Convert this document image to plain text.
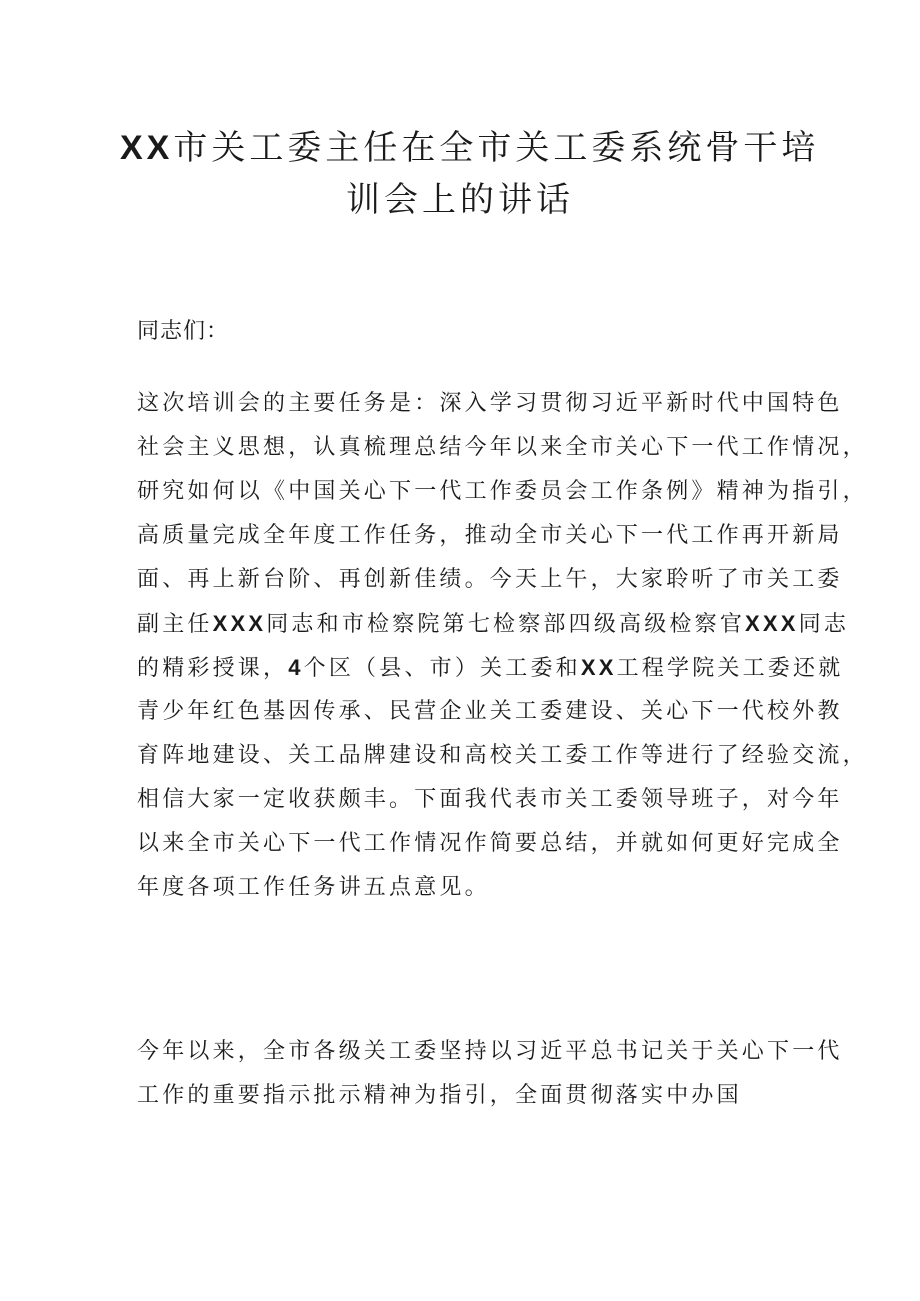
XX市关工委主任在全市关工委系统骨干培
训会上的讲话

同志们：

这次培训会的主要任务是：深入学习贯彻习近平新时代中国特色
社会主义思想，认真梳理总结今年以来全市关心下一代工作情况，
研究如何以《中国关心下一代工作委员会工作条例》精神为指引，
高质量完成全年度工作任务，推动全市关心下一代工作再开新局
面、再上新台阶、再创新佳绩。今天上午，大家聆听了市关工委
副主任XXX同志和市检察院第七检察部四级高级检察官XXX同志
的精彩授课，4个区（县、市）关工委和XX工程学院关工委还就
青少年红色基因传承、民营企业关工委建设、关心下一代校外教
育阵地建设、关工品牌建设和高校关工委工作等进行了经验交流，
相信大家一定收获颇丰。下面我代表市关工委领导班子，对今年
以来全市关心下一代工作情况作简要总结，并就如何更好完成全
年度各项工作任务讲五点意见。

今年以来，全市各级关工委坚持以习近平总书记关于关心下一代
工作的重要指示批示精神为指引，全面贯彻落实中办国
